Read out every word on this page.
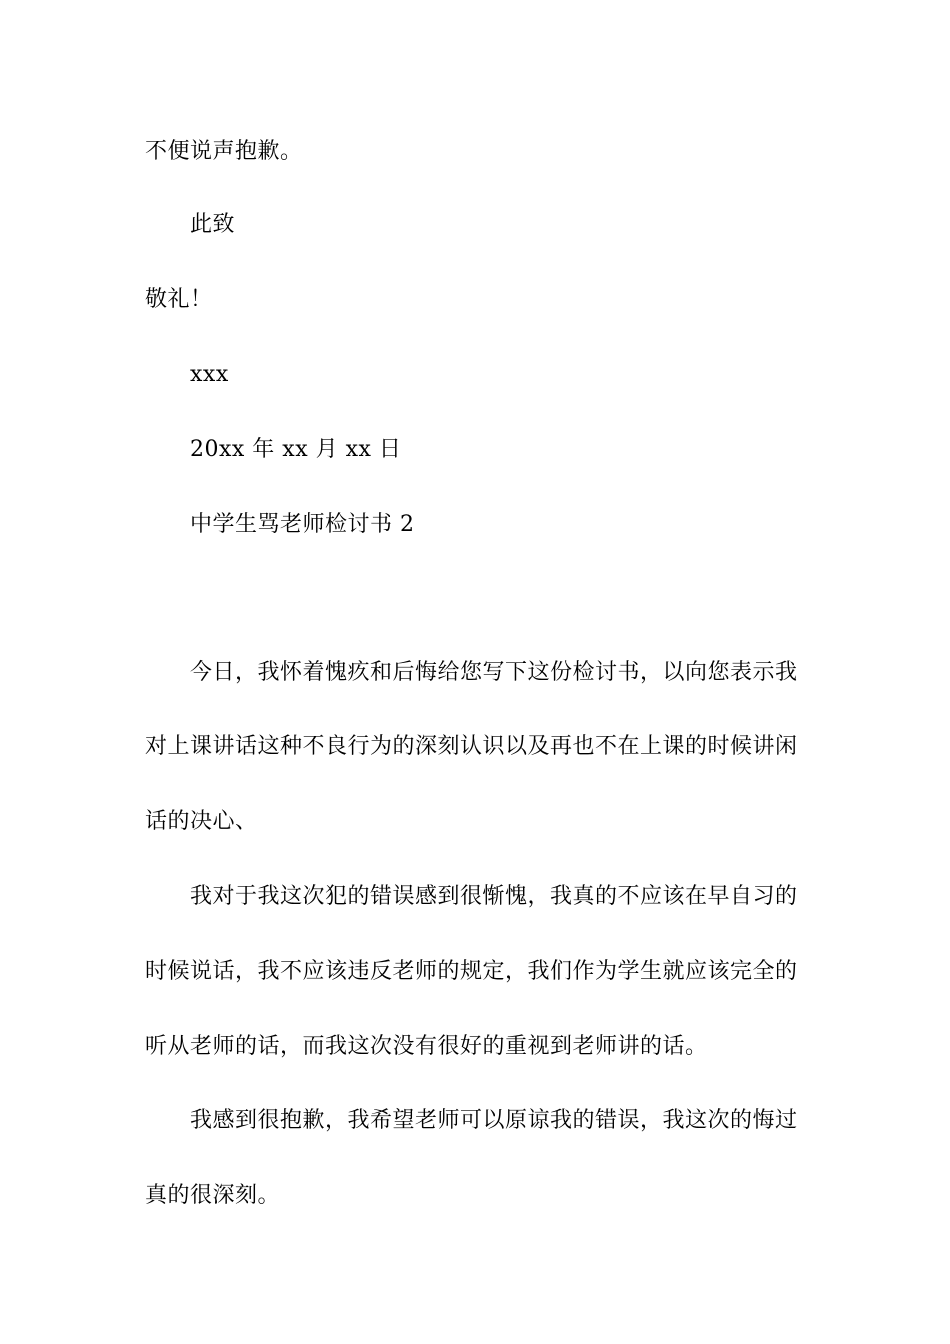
不便说声抱歉。
此致
敬礼！
xxx
20xx 年 xx 月 xx 日
中学生骂老师检讨书 2
今日，我怀着愧疚和后悔给您写下这份检讨书，以向您表示我
对上课讲话这种不良行为的深刻认识以及再也不在上课的时候讲闲
话的决心、
我对于我这次犯的错误感到很惭愧，我真的不应该在早自习的
时候说话，我不应该违反老师的规定，我们作为学生就应该完全的
听从老师的话，而我这次没有很好的重视到老师讲的话。
我感到很抱歉，我希望老师可以原谅我的错误，我这次的悔过
真的很深刻。
